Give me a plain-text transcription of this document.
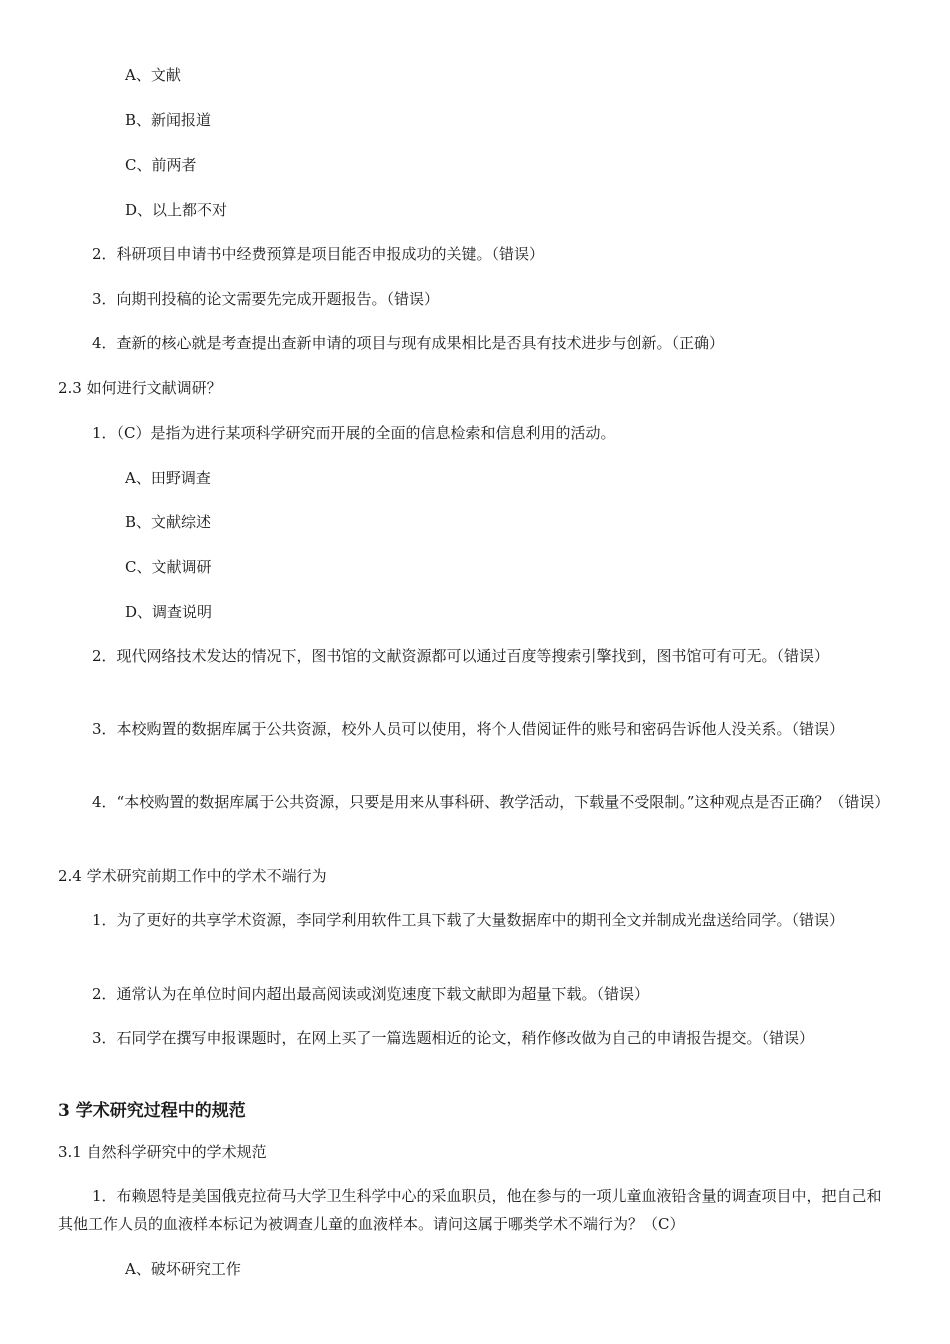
A、文献
B、新闻报道
C、前两者
D、以上都不对
2．科研项目申请书中经费预算是项目能否申报成功的关键。（错误）
3．向期刊投稿的论文需要先完成开题报告。（错误）
4．查新的核心就是考查提出查新申请的项目与现有成果相比是否具有技术进步与创新。（正确）
2.3 如何进行文献调研？
1．（C）是指为进行某项科学研究而开展的全面的信息检索和信息利用的活动。
A、田野调查
B、文献综述
C、文献调研
D、调查说明
2．现代网络技术发达的情况下，图书馆的文献资源都可以通过百度等搜索引擎找到，图书馆可有可无。（错误）
3．本校购置的数据库属于公共资源，校外人员可以使用，将个人借阅证件的账号和密码告诉他人没关系。（错误）
4．“本校购置的数据库属于公共资源，只要是用来从事科研、教学活动，下载量不受限制。”这种观点是否正确？（错误）
2.4 学术研究前期工作中的学术不端行为
1．为了更好的共享学术资源，李同学利用软件工具下载了大量数据库中的期刊全文并制成光盘送给同学。（错误）
2．通常认为在单位时间内超出最高阅读或浏览速度下载文献即为超量下载。（错误）
3．石同学在撰写申报课题时，在网上买了一篇选题相近的论文，稍作修改做为自己的申请报告提交。（错误）
3 学术研究过程中的规范
3.1 自然科学研究中的学术规范
1．布赖恩特是美国俄克拉荷马大学卫生科学中心的采血职员，他在参与的一项儿童血液铅含量的调查项目中，把自己和其他工作人员的血液样本标记为被调查儿童的血液样本。请问这属于哪类学术不端行为？（C）
A、破坏研究工作
